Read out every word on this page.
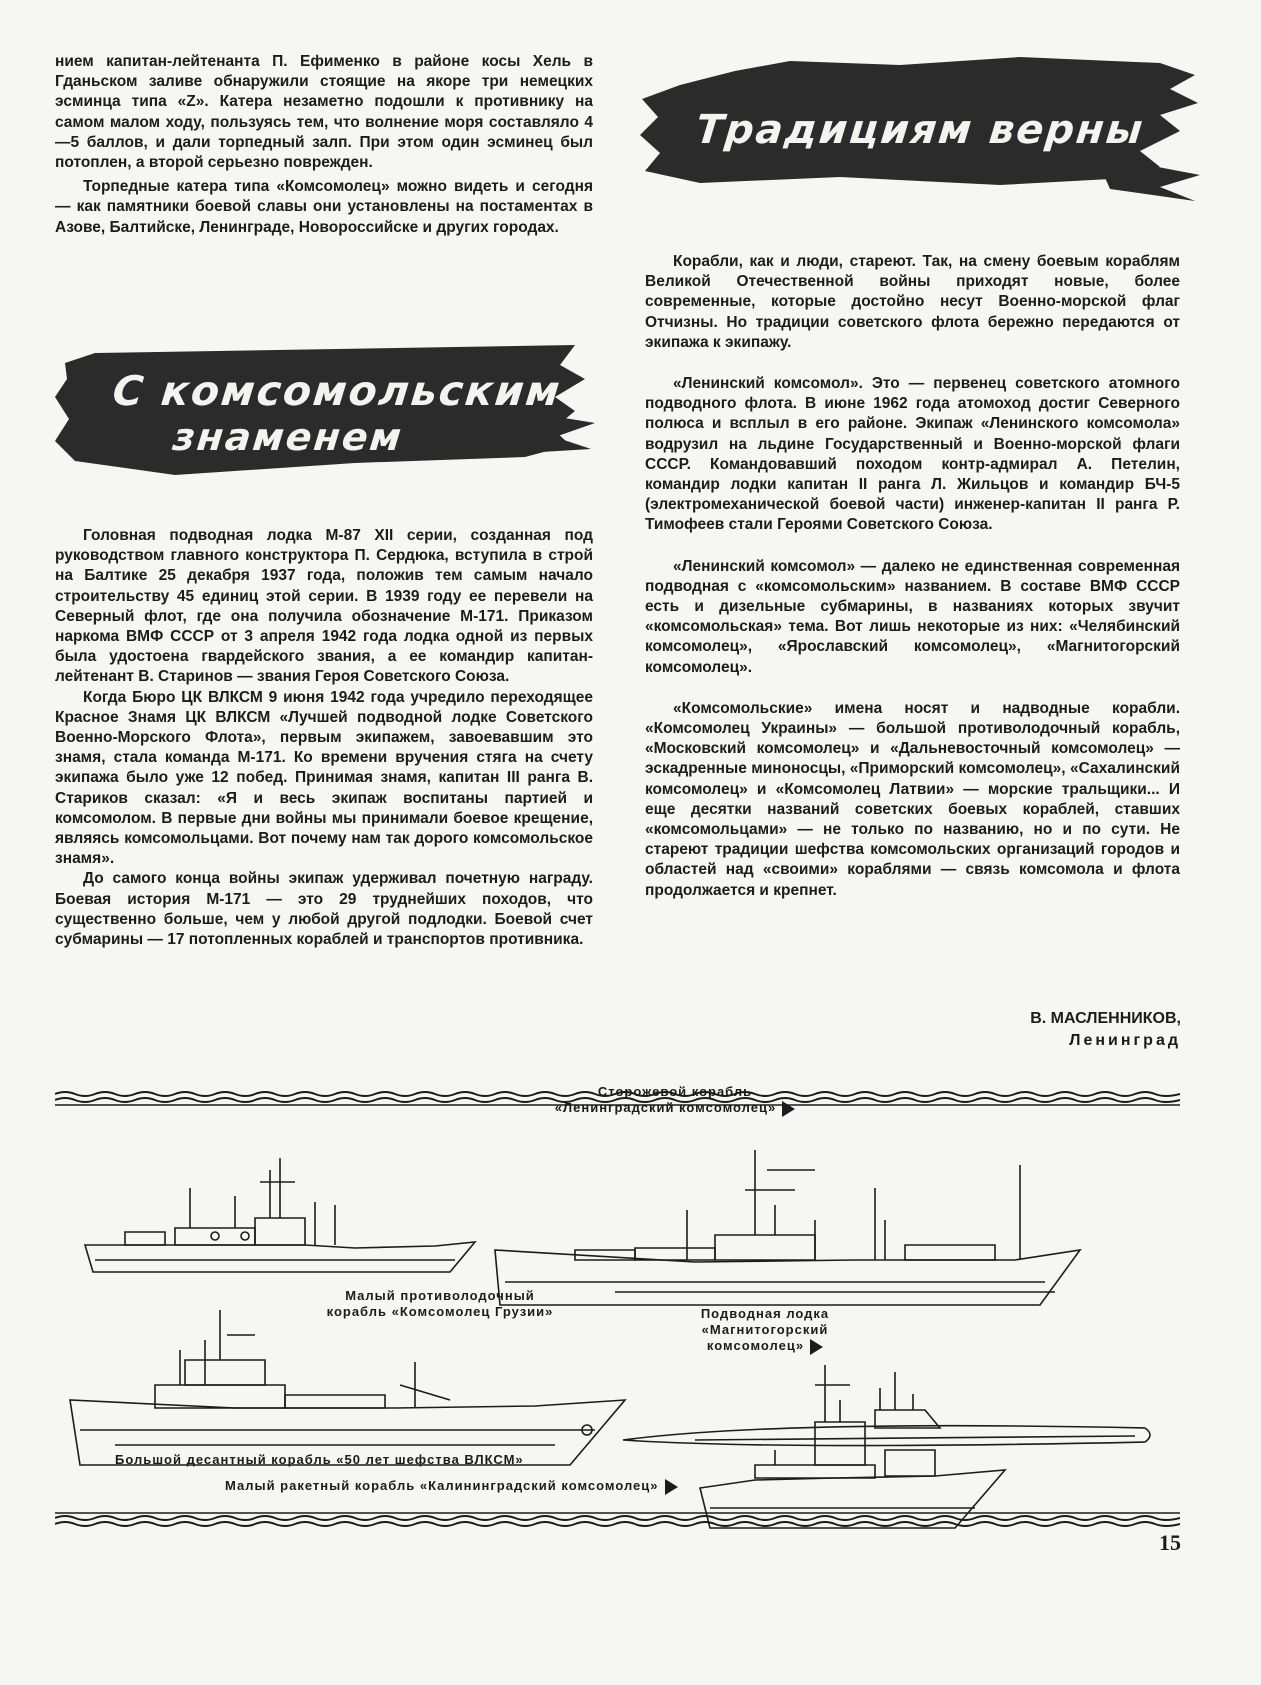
нием капитан-лейтенанта П. Ефименко в районе косы Хель в Гданьском заливе обнаружили стоящие на якоре три немецких эсминца типа «Z». Катера незаметно подошли к противнику на самом малом ходу, пользуясь тем, что волнение моря составляло 4—5 баллов, и дали торпедный залп. При этом один эсминец был потоплен, а второй серьезно поврежден.

Торпедные катера типа «Комсомолец» можно видеть и сегодня — как памятники боевой славы они установлены на постаментах в Азове, Балтийске, Ленинграде, Новороссийске и других городах.

С комсомольским
знаменем

Головная подводная лодка М-87 XII серии, созданная под руководством главного конструктора П. Сердюка, вступила в строй на Балтике 25 декабря 1937 года, положив тем самым начало строительству 45 единиц этой серии. В 1939 году ее перевели на Северный флот, где она получила обозначение М-171. Приказом наркома ВМФ СССР от 3 апреля 1942 года лодка одной из первых была удостоена гвардейского звания, а ее командир капитан-лейтенант В. Старинов — звания Героя Советского Союза.

Когда Бюро ЦК ВЛКСМ 9 июня 1942 года учредило переходящее Красное Знамя ЦК ВЛКСМ «Лучшей подводной лодке Советского Военно-Морского Флота», первым экипажем, завоевавшим это знамя, стала команда М-171. Ко времени вручения стяга на счету экипажа было уже 12 побед. Принимая знамя, капитан III ранга В. Стариков сказал: «Я и весь экипаж воспитаны партией и комсомолом. В первые дни войны мы принимали боевое крещение, являясь комсомольцами. Вот почему нам так дорого комсомольское знамя».

До самого конца войны экипаж удерживал почетную награду. Боевая история М-171 — это 29 труднейших походов, что существенно больше, чем у любой другой подлодки. Боевой счет субмарины — 17 потопленных кораблей и транспортов противника.

Традициям верны

Корабли, как и люди, стареют. Так, на смену боевым кораблям Великой Отечественной войны приходят новые, более современные, которые достойно несут Военно-морской флаг Отчизны. Но традиции советского флота бережно передаются от экипажа к экипажу.

«Ленинский комсомол». Это — первенец советского атомного подводного флота. В июне 1962 года атомоход достиг Северного полюса и всплыл в его районе. Экипаж «Ленинского комсомола» водрузил на льдине Государственный и Военно-морской флаги СССР. Командовавший походом контр-адмирал А. Петелин, командир лодки капитан II ранга Л. Жильцов и командир БЧ-5 (электромеханической боевой части) инженер-капитан II ранга Р. Тимофеев стали Героями Советского Союза.

«Ленинский комсомол» — далеко не единственная современная подводная с «комсомольским» названием. В составе ВМФ СССР есть и дизельные субмарины, в названиях которых звучит «комсомольская» тема. Вот лишь некоторые из них: «Челябинский комсомолец», «Ярославский комсомолец», «Магнитогорский комсомолец».

«Комсомольские» имена носят и надводные корабли. «Комсомолец Украины» — большой противолодочный корабль, «Московский комсомолец» и «Дальневосточный комсомолец» — эскадренные миноносцы, «Приморский комсомолец», «Сахалинский комсомолец» и «Комсомолец Латвии» — морские тральщики... И еще десятки названий советских боевых кораблей, ставших «комсомольцами» — не только по названию, но и по сути. Не стареют традиции шефства комсомольских организаций городов и областей над «своими» кораблями — связь комсомола и флота продолжается и крепнет.

В. МАСЛЕННИКОВ,
Ленинград
Сторожевой корабль «Ленинградский комсомолец»
Малый противолодочный корабль «Комсомолец Грузии»	Подводная лодка «Магнитогорский комсомолец»
Большой десантный корабль «50 лет шефства ВЛКСМ»
Малый ракетный корабль «Калининградский комсомолец»
15
